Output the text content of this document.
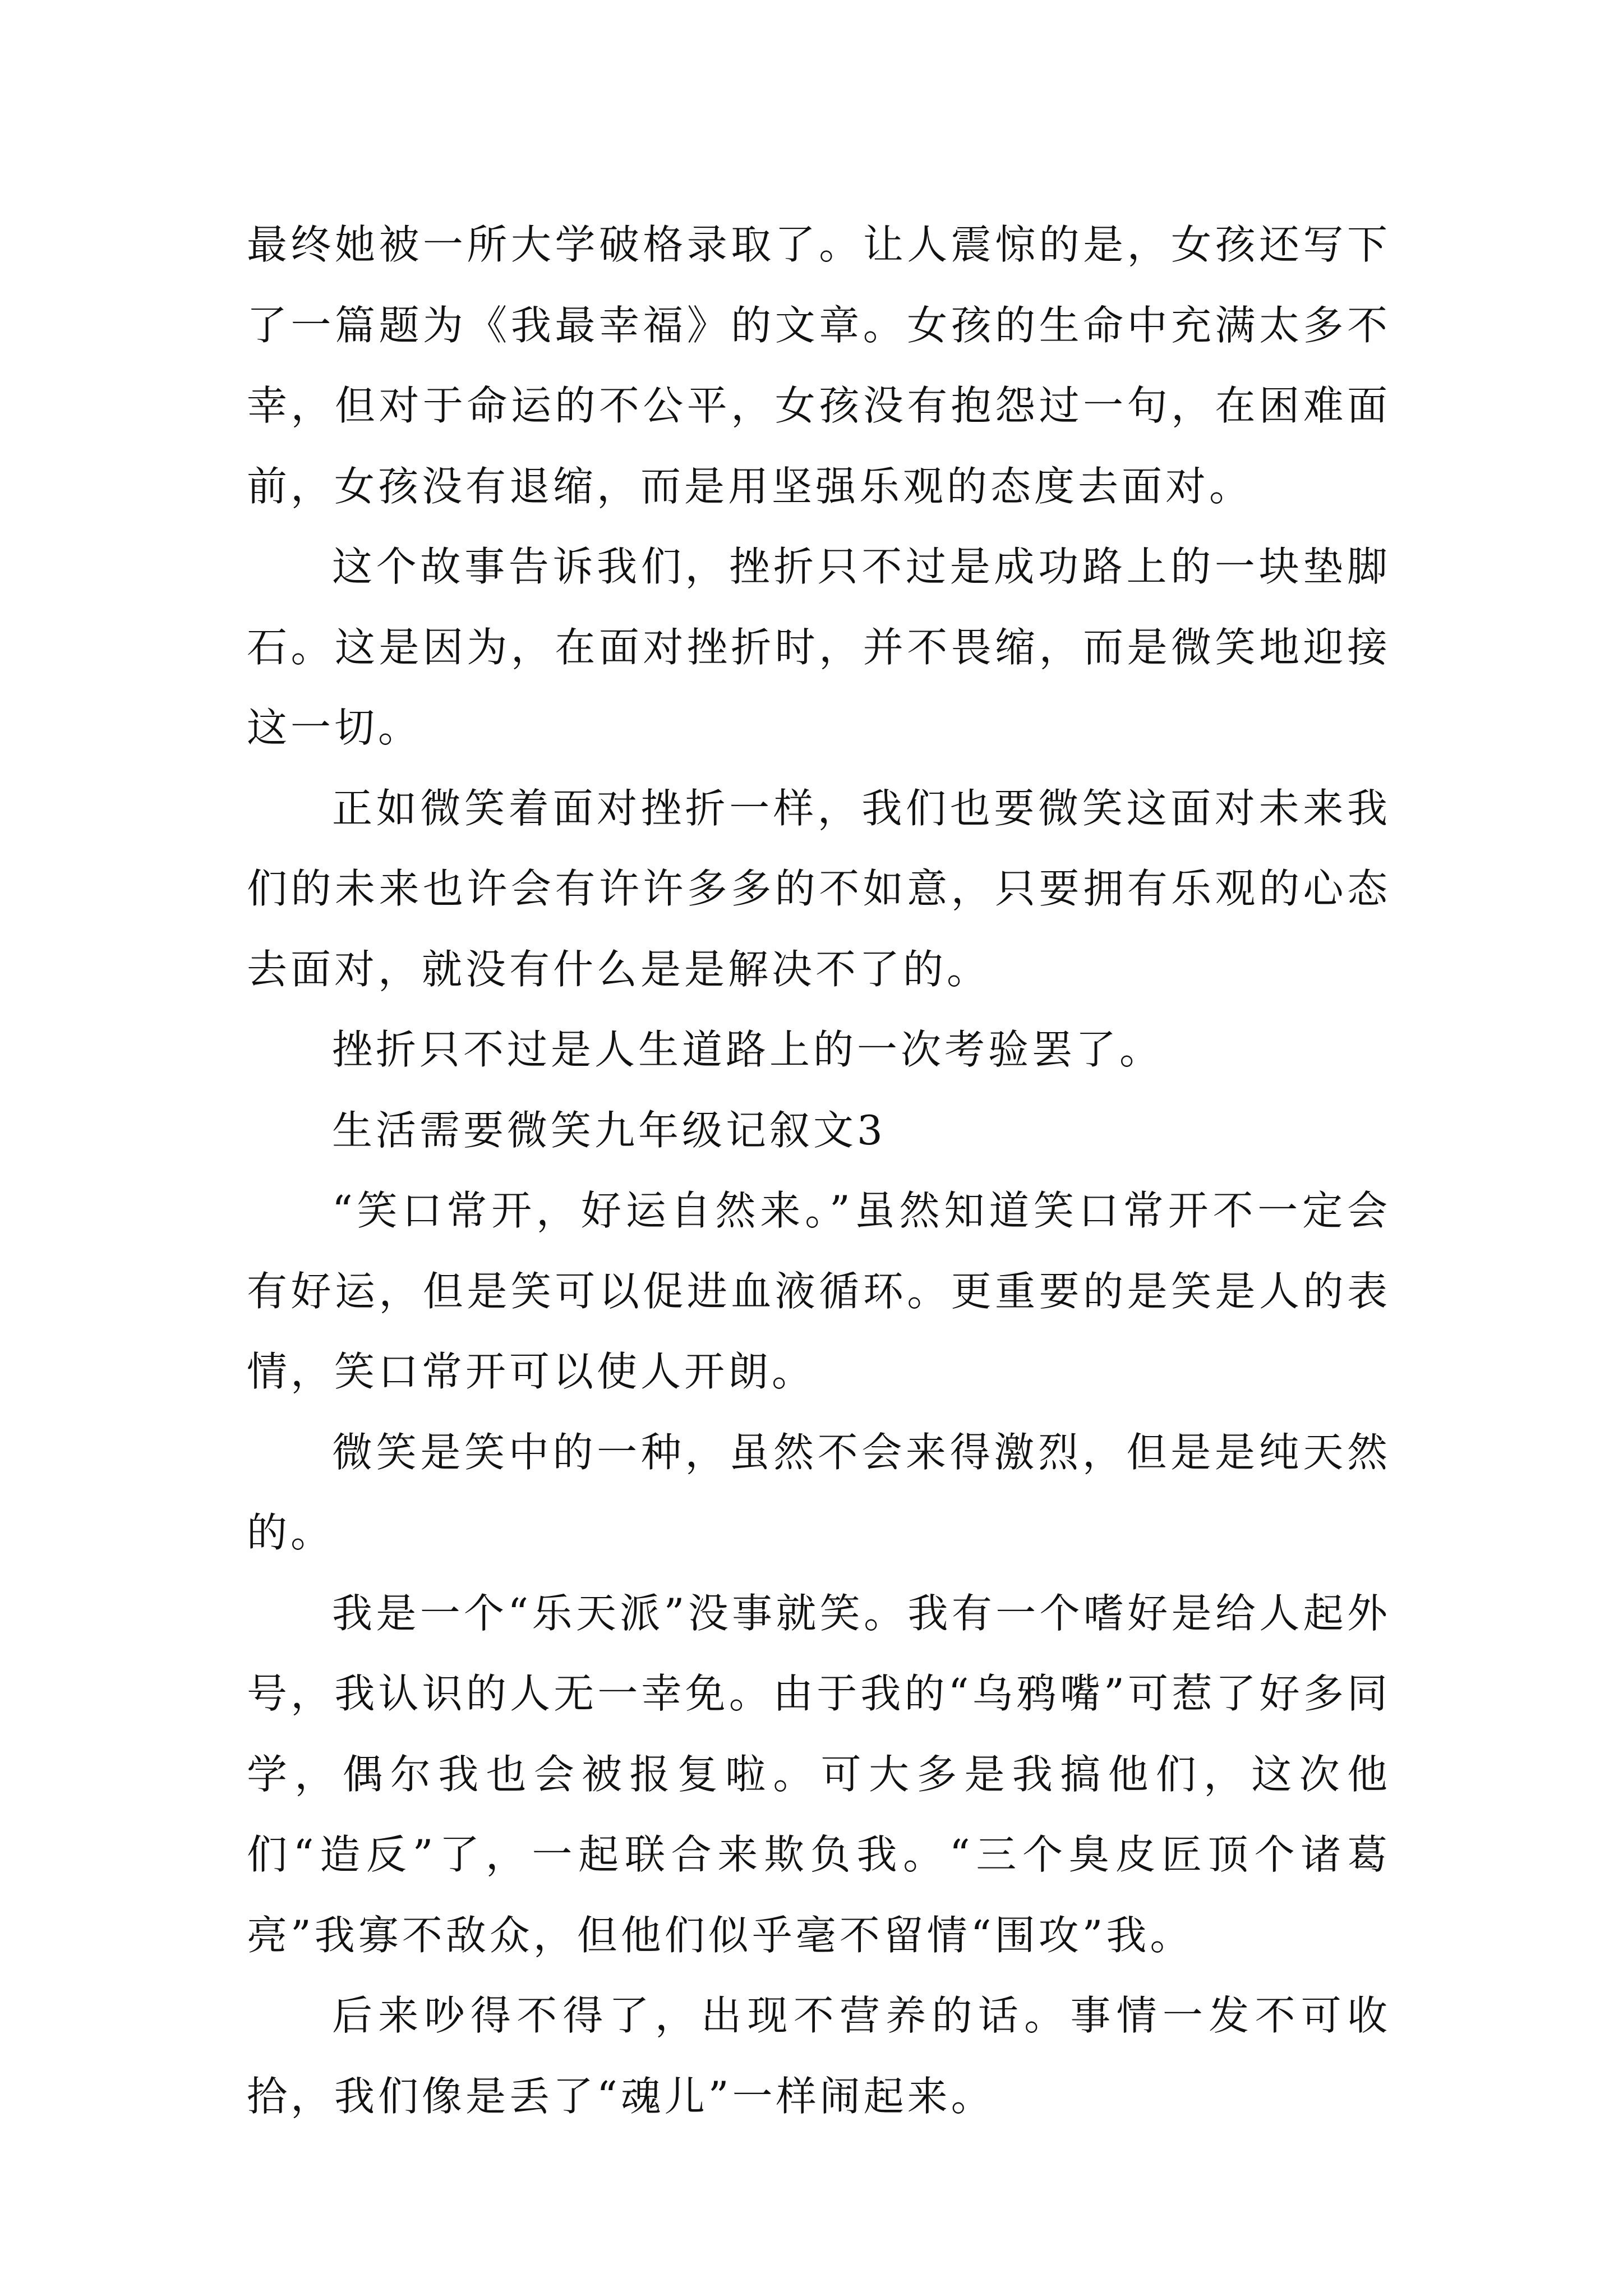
最终她被一所大学破格录取了。让人震惊的是，女孩还写下了一篇题为《我最幸福》的文章。女孩的生命中充满太多不幸，但对于命运的不公平，女孩没有抱怨过一句，在困难面前，女孩没有退缩，而是用坚强乐观的态度去面对。

这个故事告诉我们，挫折只不过是成功路上的一块垫脚石。这是因为，在面对挫折时，并不畏缩，而是微笑地迎接这一切。

正如微笑着面对挫折一样，我们也要微笑这面对未来我们的未来也许会有许许多多的不如意，只要拥有乐观的心态去面对，就没有什么是是解决不了的。

挫折只不过是人生道路上的一次考验罢了。

生活需要微笑九年级记叙文3

“笑口常开，好运自然来。”虽然知道笑口常开不一定会有好运，但是笑可以促进血液循环。更重要的是笑是人的表情，笑口常开可以使人开朗。

微笑是笑中的一种，虽然不会来得激烈，但是是纯天然的。

我是一个“乐天派”没事就笑。我有一个嗜好是给人起外号，我认识的人无一幸免。由于我的“乌鸦嘴”可惹了好多同学，偶尔我也会被报复啦。可大多是我搞他们，这次他们“造反”了，一起联合来欺负我。“三个臭皮匠顶个诸葛亮”我寡不敌众，但他们似乎毫不留情“围攻”我。

后来吵得不得了，出现不营养的话。事情一发不可收拾，我们像是丢了“魂儿”一样闹起来。
